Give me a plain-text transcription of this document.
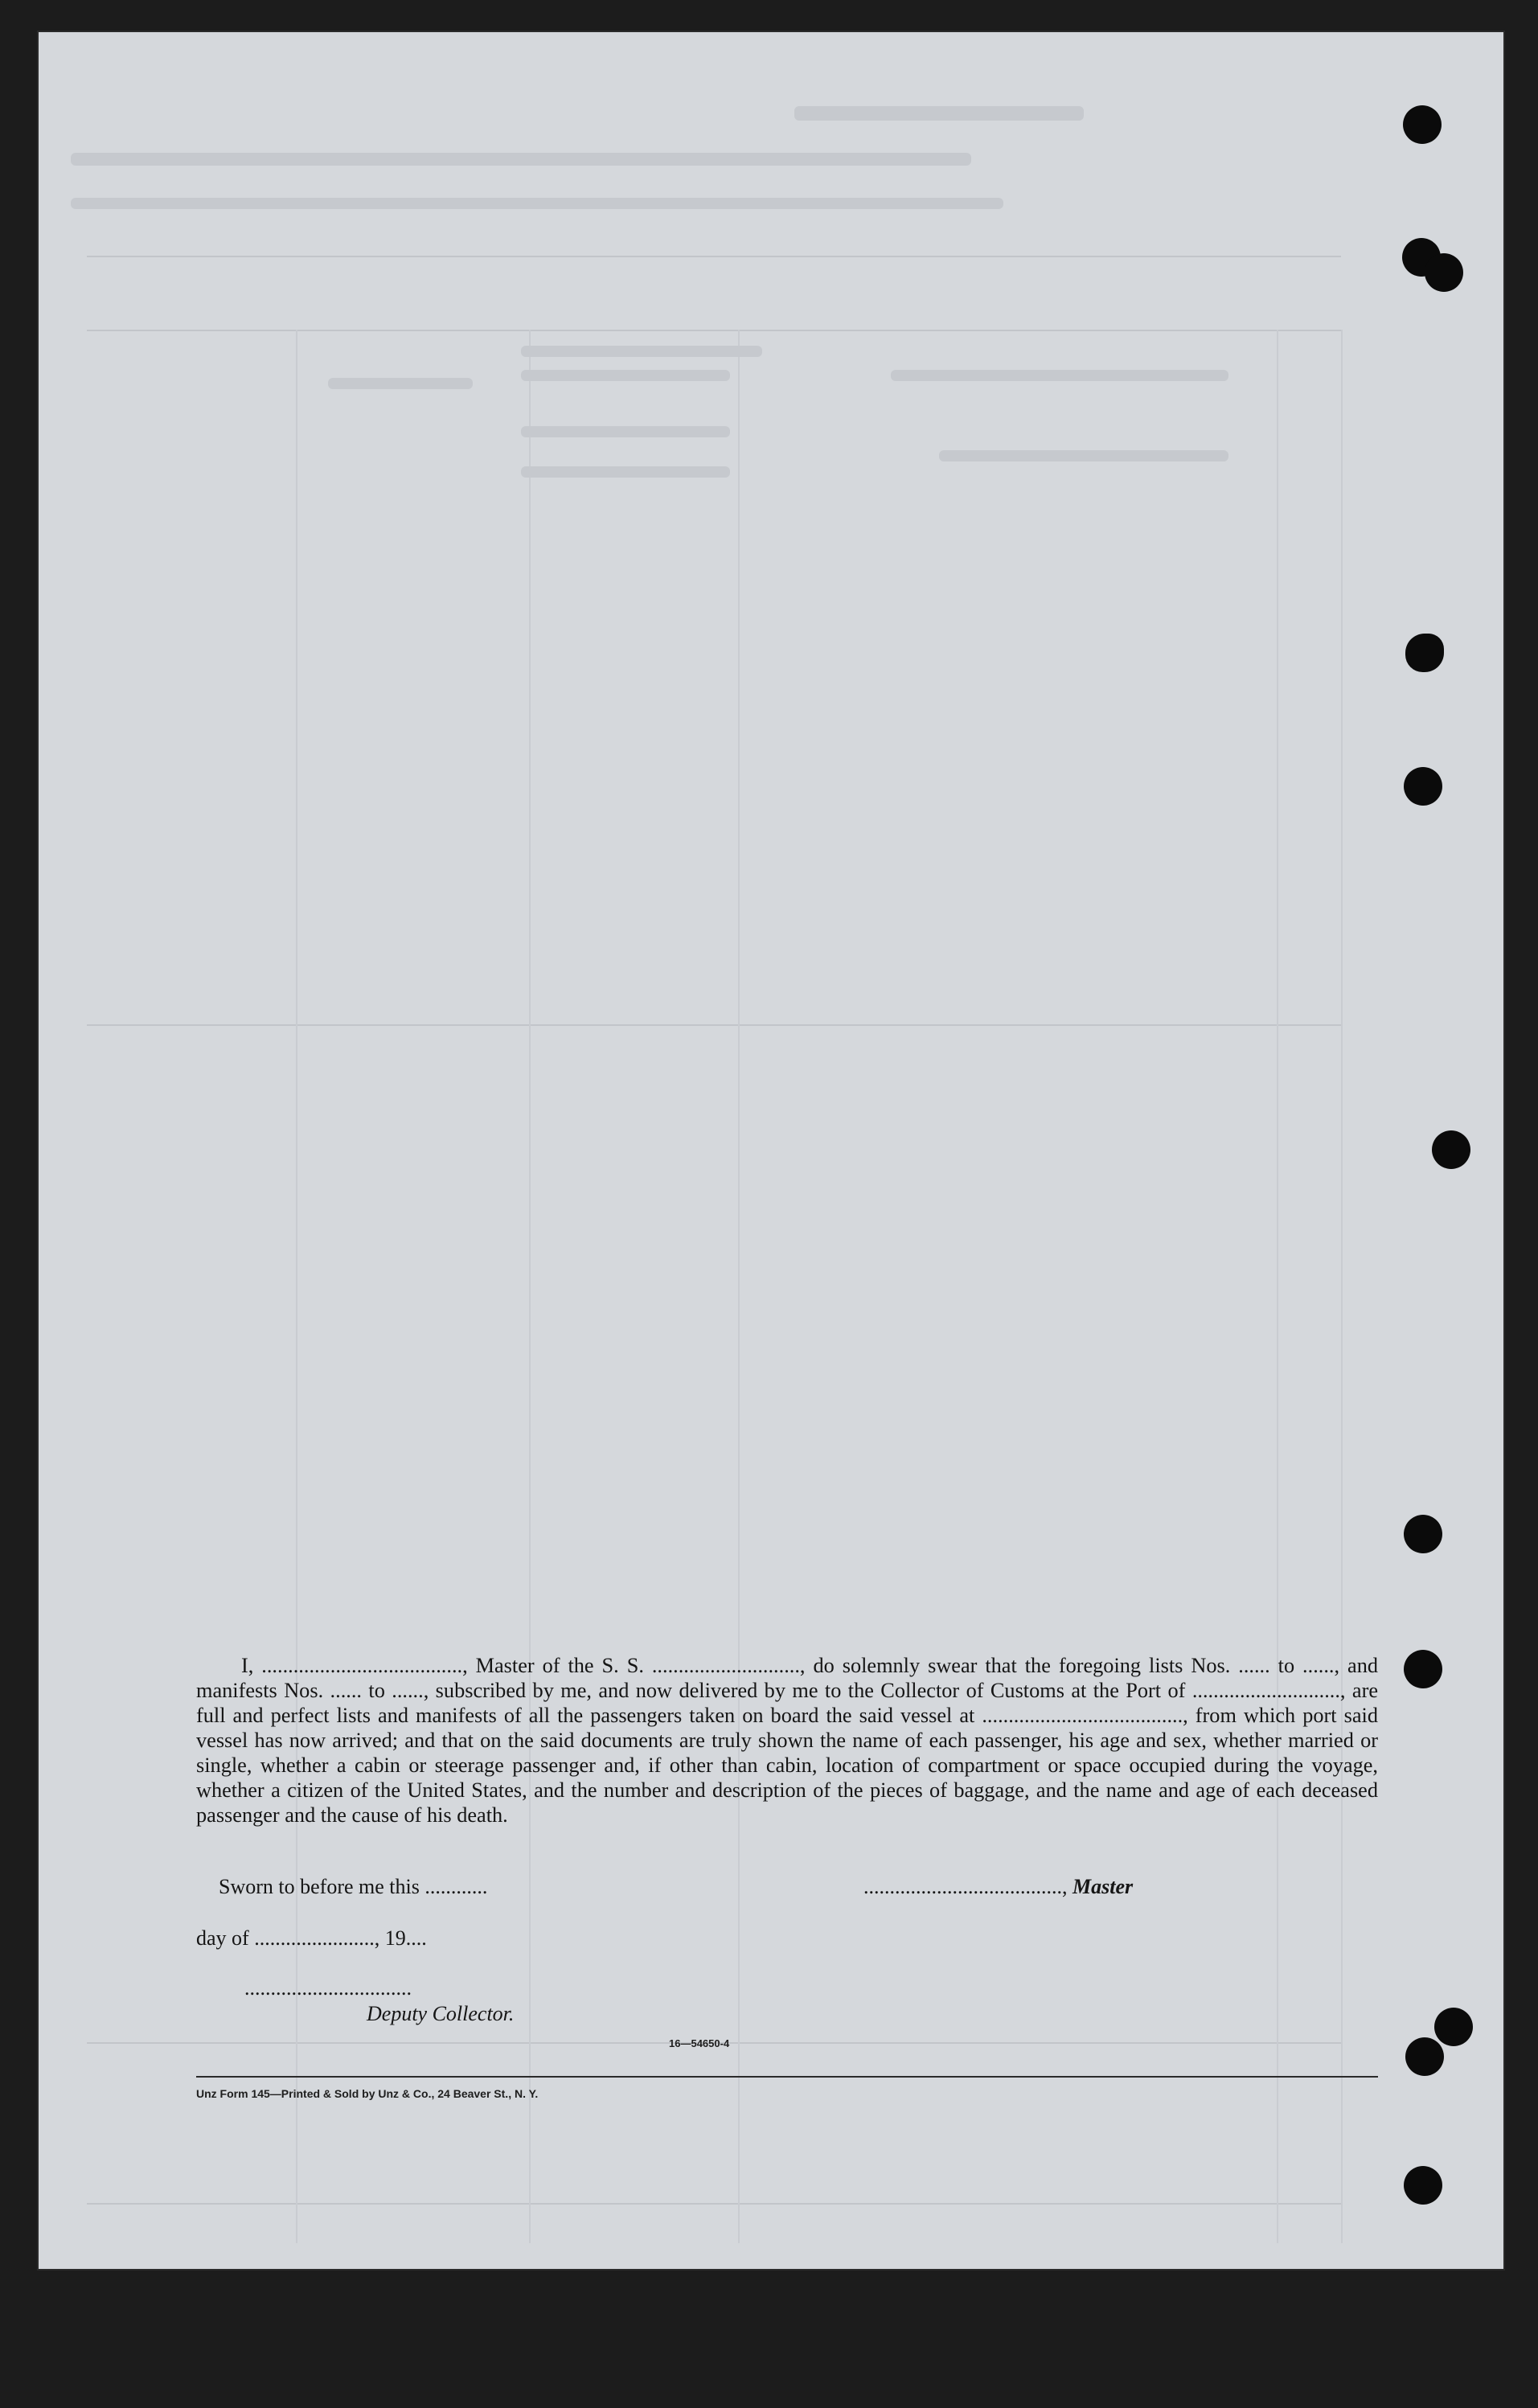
I, ......................................, Master of the S. S. ............................, do solemnly swear that the foregoing lists Nos. ...... to ......, and manifests Nos. ...... to ......, subscribed by me, and now delivered by me to the Collector of Customs at the Port of ............................, are full and perfect lists and manifests of all the passengers taken on board the said vessel at ......................................, from which port said vessel has now arrived; and that on the said documents are truly shown the name of each passenger, his age and sex, whether married or single, whether a cabin or steerage passenger and, if other than cabin, location of compartment or space occupied during the voyage, whether a citizen of the United States, and the number and description of the pieces of baggage, and the name and age of each deceased passenger and the cause of his death.

Sworn to before me this ............	......................................, Master
day of ......................., 19....
................................
Deputy Collector.
16—54650-4
Unz Form 145—Printed & Sold by Unz & Co., 24 Beaver St., N. Y.
